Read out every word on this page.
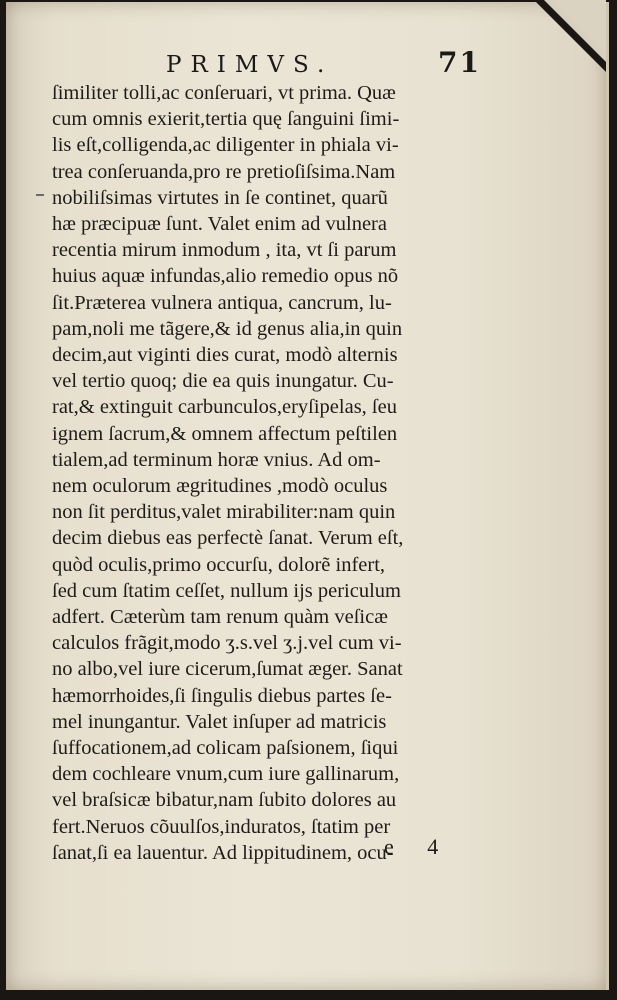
PRIMVS.	71
ſimiliter tolli,ac conſeruari, vt prima. Quæ
cum omnis exierit,tertia quę ſanguini ſimi-
lis eſt,colligenda,ac diligenter in phiala vi-
trea conſeruanda,pro re pretioſiſsima.Nam
nobiliſsimas virtutes in ſe continet, quarũ
hæ præcipuæ ſunt. Valet enim ad vulnera
recentia mirum inmodum , ita, vt ſi parum
huius aquæ infundas,alio remedio opus nõ
ſit.Præterea vulnera antiqua, cancrum, lu-
pam,noli me tãgere,& id genus alia,in quin
decim,aut viginti dies curat, modò alternis
vel tertio quoq; die ea quis inungatur. Cu-
rat,& extinguit carbunculos,eryſipelas, ſeu
ignem ſacrum,& omnem affectum peſtilen
tialem,ad terminum horæ vnius. Ad om-
nem oculorum ægritudines ,modò oculus
non ſit perditus,valet mirabiliter:nam quin
decim diebus eas perfectè ſanat. Verum eſt,
quòd oculis,primo occurſu, dolorẽ infert,
ſed cum ſtatim ceſſet, nullum ijs periculum
adfert. Cæterùm tam renum quàm veſicæ
calculos frãgit,modo ʒ.s.vel ʒ.j.vel cum vi-
no albo,vel iure cicerum,ſumat æger. Sanat
hæmorrhoides,ſi ſingulis diebus partes ſe-
mel inungantur. Valet inſuper ad matricis
ſuffocationem,ad colicam paſsionem, ſiqui
dem cochleare vnum,cum iure gallinarum,
vel braſsicæ bibatur,nam ſubito dolores au
fert.Neruos cõuulſos,induratos, ſtatim per
ſanat,ſi ea lauentur. Ad lippitudinem, ocu-
e 4
